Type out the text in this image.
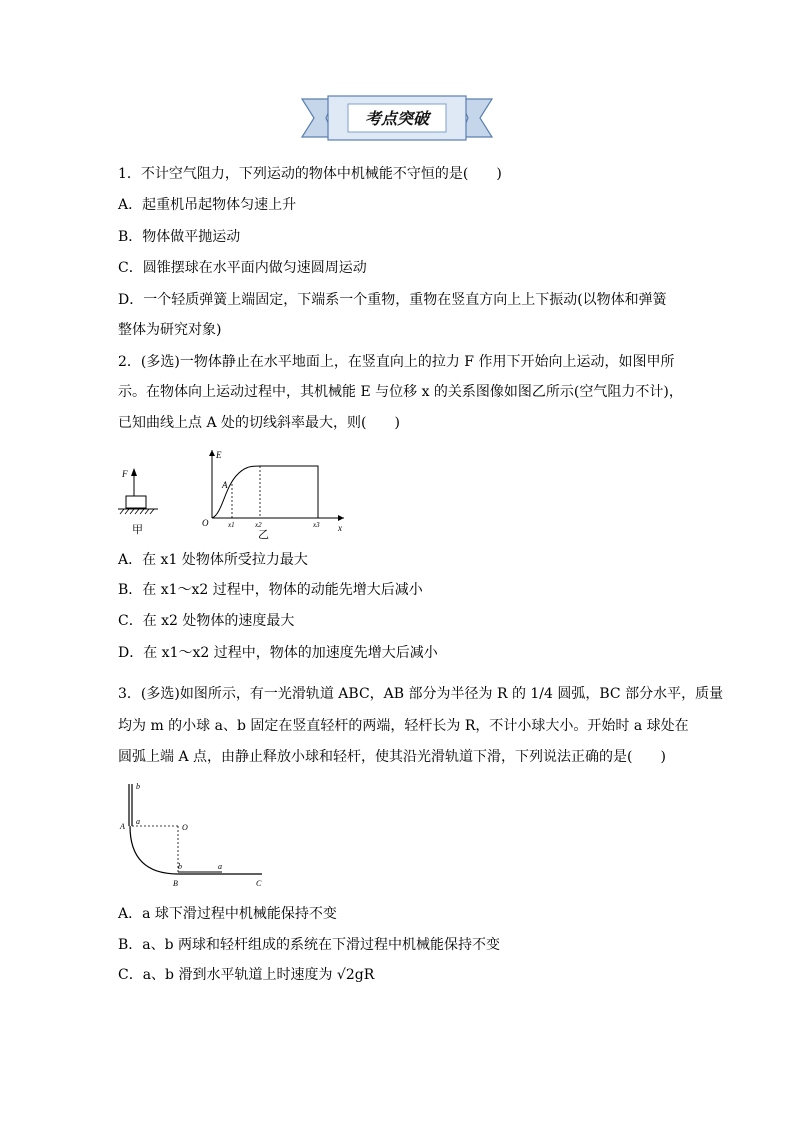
考点突破
1．不计空气阻力，下列运动的物体中机械能不守恒的是(　　)
A．起重机吊起物体匀速上升
B．物体做平抛运动
C．圆锥摆球在水平面内做匀速圆周运动
D．一个轻质弹簧上端固定，下端系一个重物，重物在竖直方向上上下振动(以物体和弹簧
整体为研究对象)
2．(多选)一物体静止在水平地面上，在竖直向上的拉力 F 作用下开始向上运动，如图甲所
示。在物体向上运动过程中，其机械能 E 与位移 x 的关系图像如图乙所示(空气阻力不计)，
已知曲线上点 A 处的切线斜率最大，则(　　)
F
甲
E
x
O
A
x1	x2	x3
乙
A．在 x1 处物体所受拉力最大
B．在 x1～x2 过程中，物体的动能先增大后减小
C．在 x2 处物体的速度最大
D．在 x1～x2 过程中，物体的加速度先增大后减小
3．(多选)如图所示，有一光滑轨道 ABC，AB 部分为半径为 R 的 1/4 圆弧，BC 部分水平，质量
均为 m 的小球 a、b 固定在竖直轻杆的两端，轻杆长为 R，不计小球大小。开始时 a 球处在
圆弧上端 A 点，由静止释放小球和轻杆，使其沿光滑轨道下滑，下列说法正确的是(　　)
b
a
A	O
b	a
B	C
A．a 球下滑过程中机械能保持不变
B．a、b 两球和轻杆组成的系统在下滑过程中机械能保持不变
C．a、b 滑到水平轨道上时速度为 √2gR
